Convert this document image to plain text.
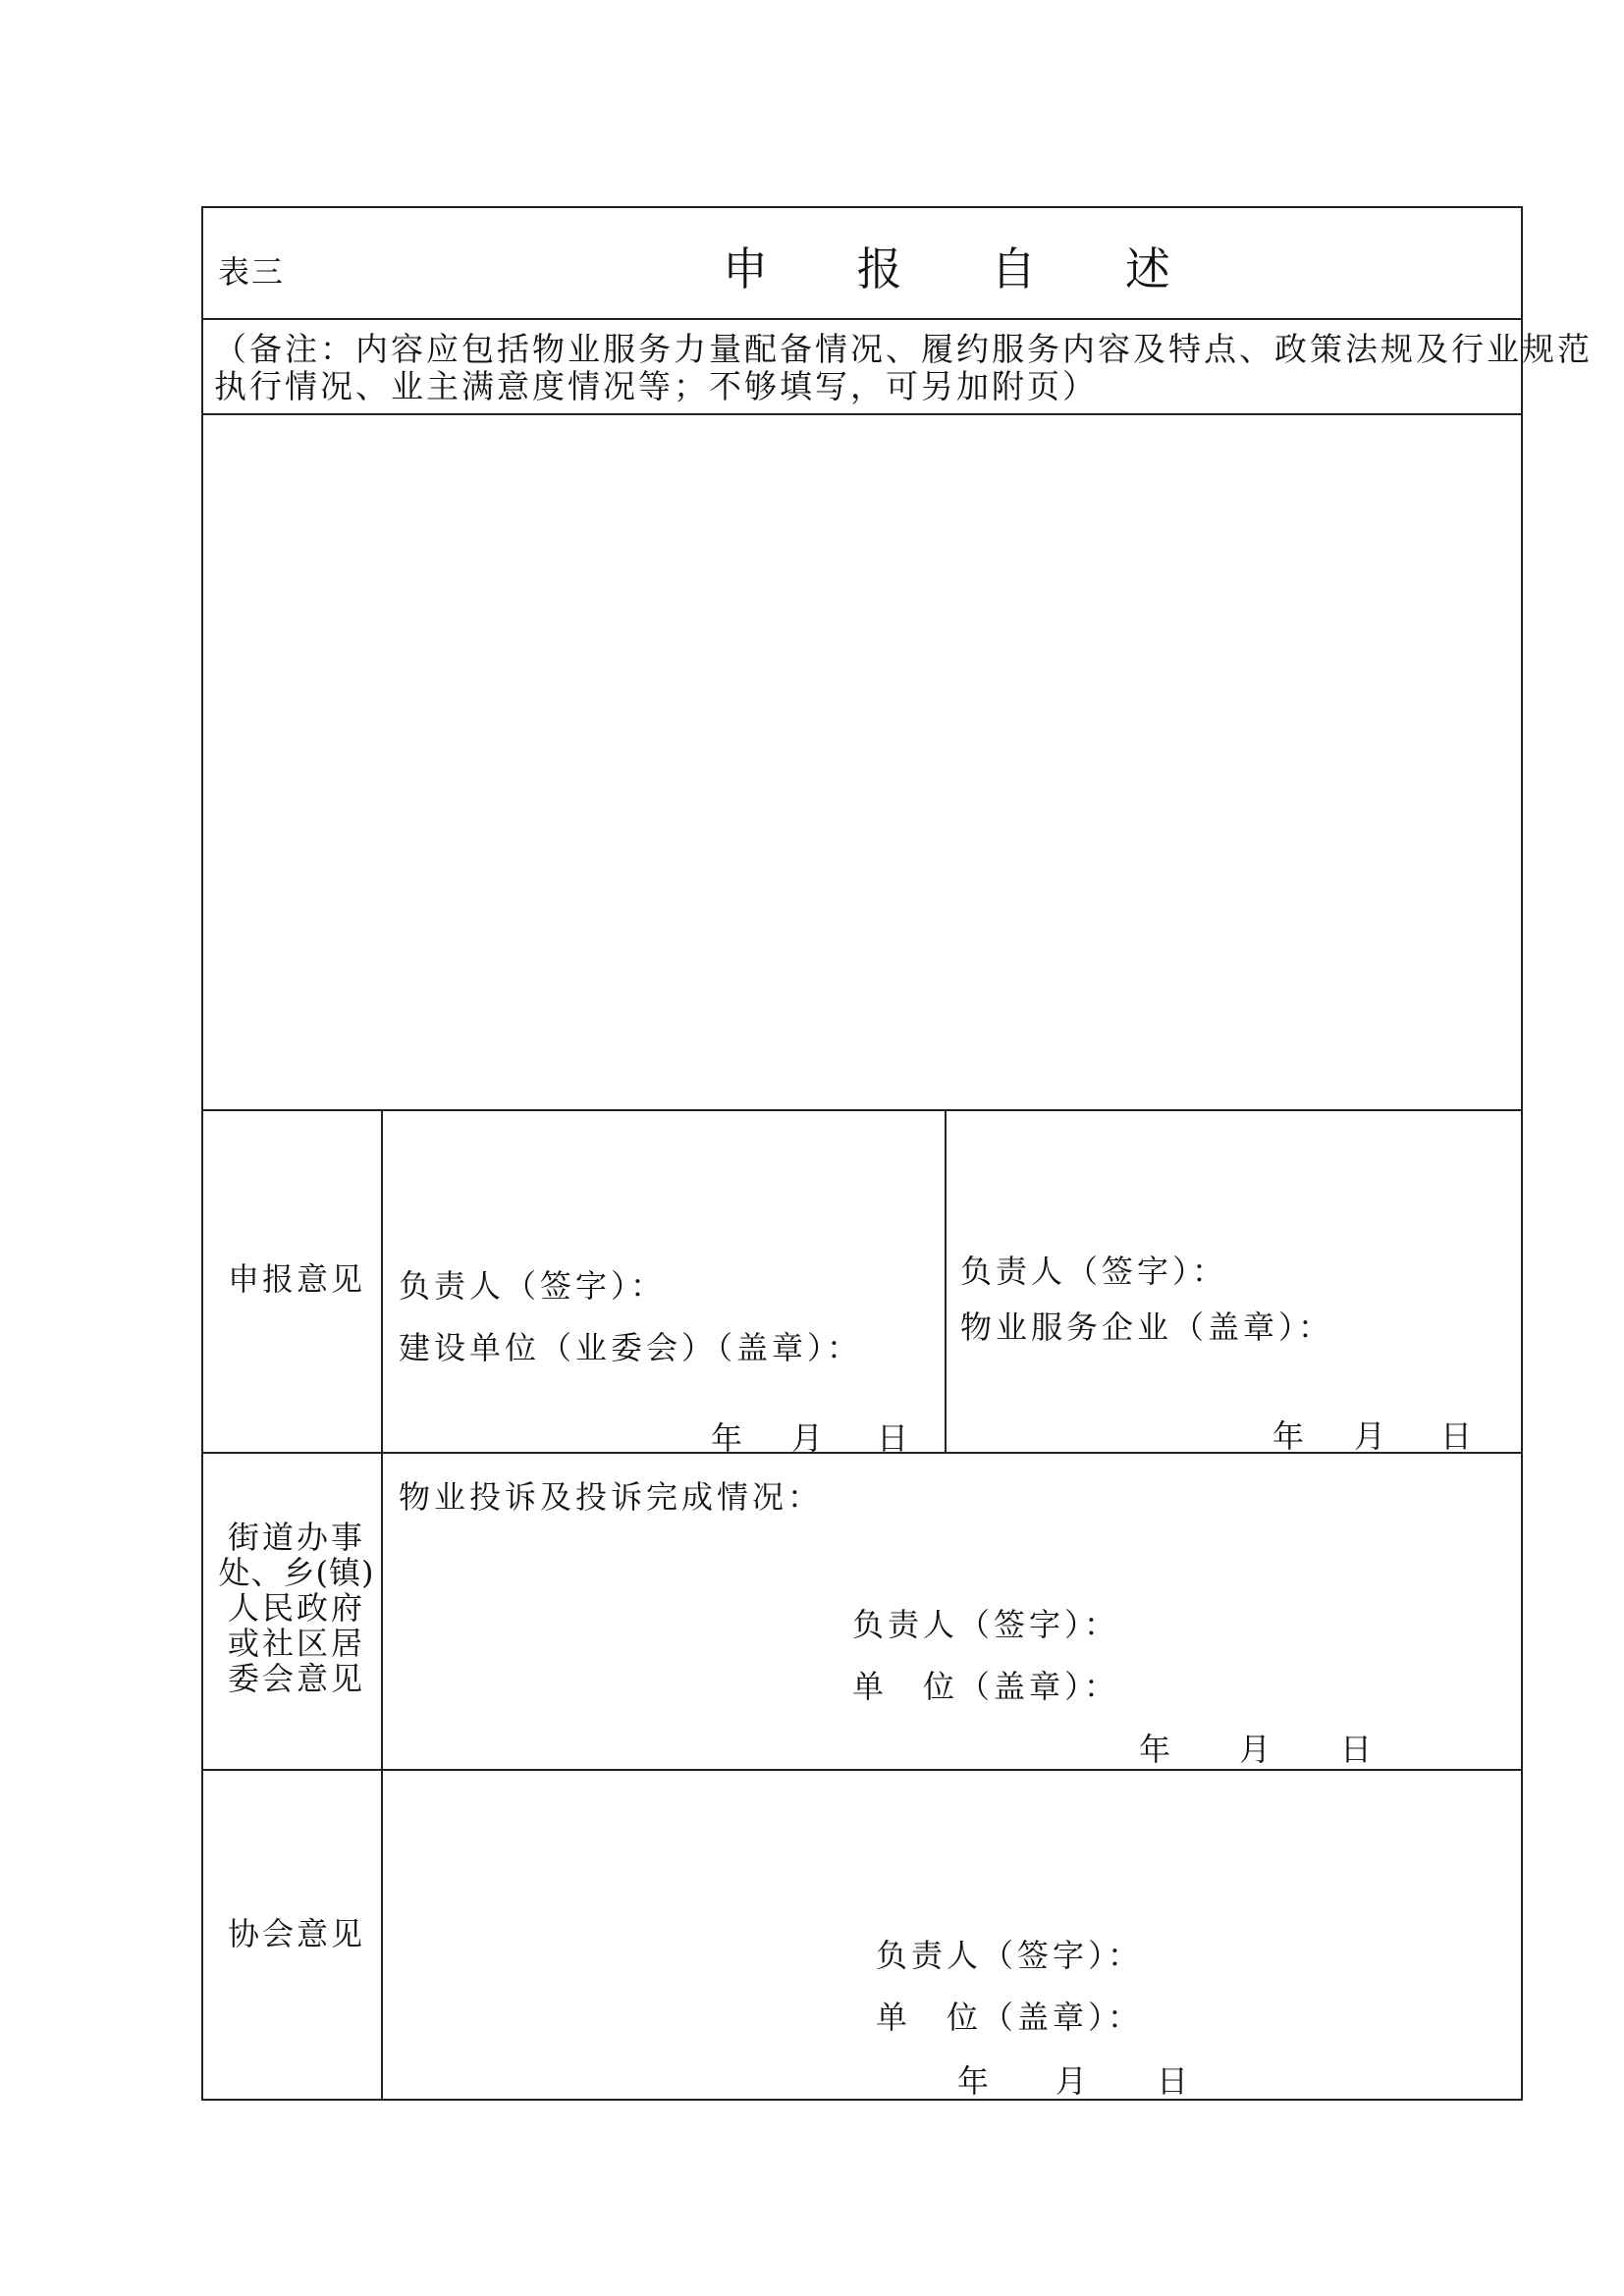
表三	申 报 自 述
（备注：内容应包括物业服务力量配备情况、履约服务内容及特点、政策法规及行业规范
执行情况、业主满意度情况等；不够填写，可另加附页）
申报意见 负责人（签字）：
建设单位（业委会）（盖章）：
年 月 日
负责人（签字）：
物业服务企业（盖章）：
年 月 日
街道办事
处、乡(镇)
人民政府
或社区居
委会意见
物业投诉及投诉完成情况：
负责人（签字）：
单　位（盖章）：
年 月 日
协会意见
负责人（签字）：
单　位（盖章）：
年 月 日
